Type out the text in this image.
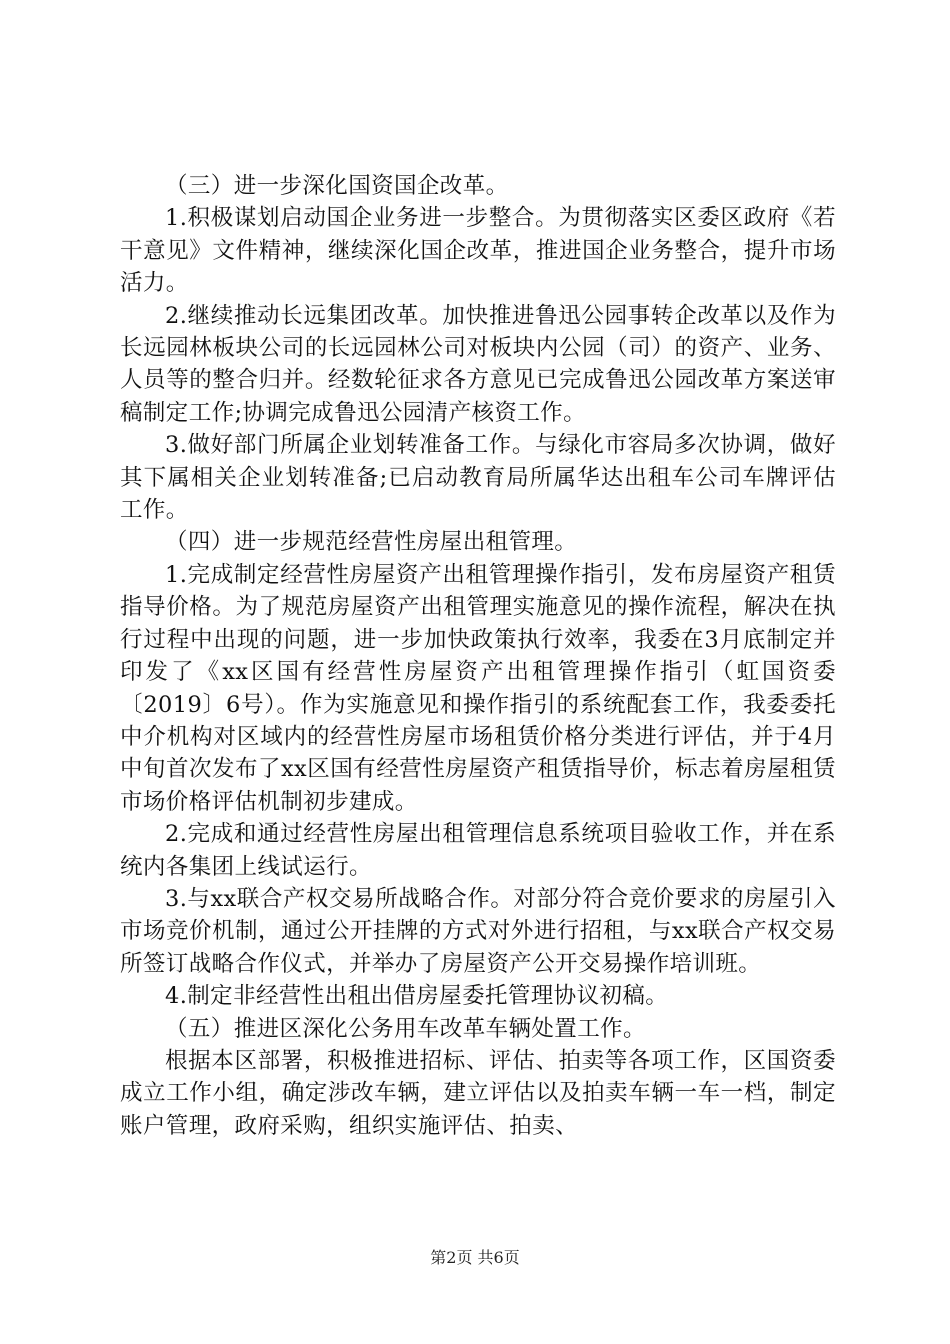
（三）进一步深化国资国企改革。

1.积极谋划启动国企业务进一步整合。为贯彻落实区委区政府《若干意见》文件精神，继续深化国企改革，推进国企业务整合，提升市场活力。

2.继续推动长远集团改革。加快推进鲁迅公园事转企改革以及作为长远园林板块公司的长远园林公司对板块内公园（司）的资产、业务、人员等的整合归并。经数轮征求各方意见已完成鲁迅公园改革方案送审稿制定工作;协调完成鲁迅公园清产核资工作。

3.做好部门所属企业划转准备工作。与绿化市容局多次协调，做好其下属相关企业划转准备;已启动教育局所属华达出租车公司车牌评估工作。

（四）进一步规范经营性房屋出租管理。

1.完成制定经营性房屋资产出租管理操作指引，发布房屋资产租赁指导价格。为了规范房屋资产出租管理实施意见的操作流程，解决在执行过程中出现的问题，进一步加快政策执行效率，我委在3月底制定并印发了《xx区国有经营性房屋资产出租管理操作指引（虹国资委〔2019〕6号）。作为实施意见和操作指引的系统配套工作，我委委托中介机构对区域内的经营性房屋市场租赁价格分类进行评估，并于4月中旬首次发布了xx区国有经营性房屋资产租赁指导价，标志着房屋租赁市场价格评估机制初步建成。

2.完成和通过经营性房屋出租管理信息系统项目验收工作，并在系统内各集团上线试运行。

3.与xx联合产权交易所战略合作。对部分符合竞价要求的房屋引入市场竞价机制，通过公开挂牌的方式对外进行招租，与xx联合产权交易所签订战略合作仪式，并举办了房屋资产公开交易操作培训班。

4.制定非经营性出租出借房屋委托管理协议初稿。

（五）推进区深化公务用车改革车辆处置工作。

根据本区部署，积极推进招标、评估、拍卖等各项工作，区国资委成立工作小组，确定涉改车辆，建立评估以及拍卖车辆一车一档，制定账户管理，政府采购，组织实施评估、拍卖、

第2页 共6页
